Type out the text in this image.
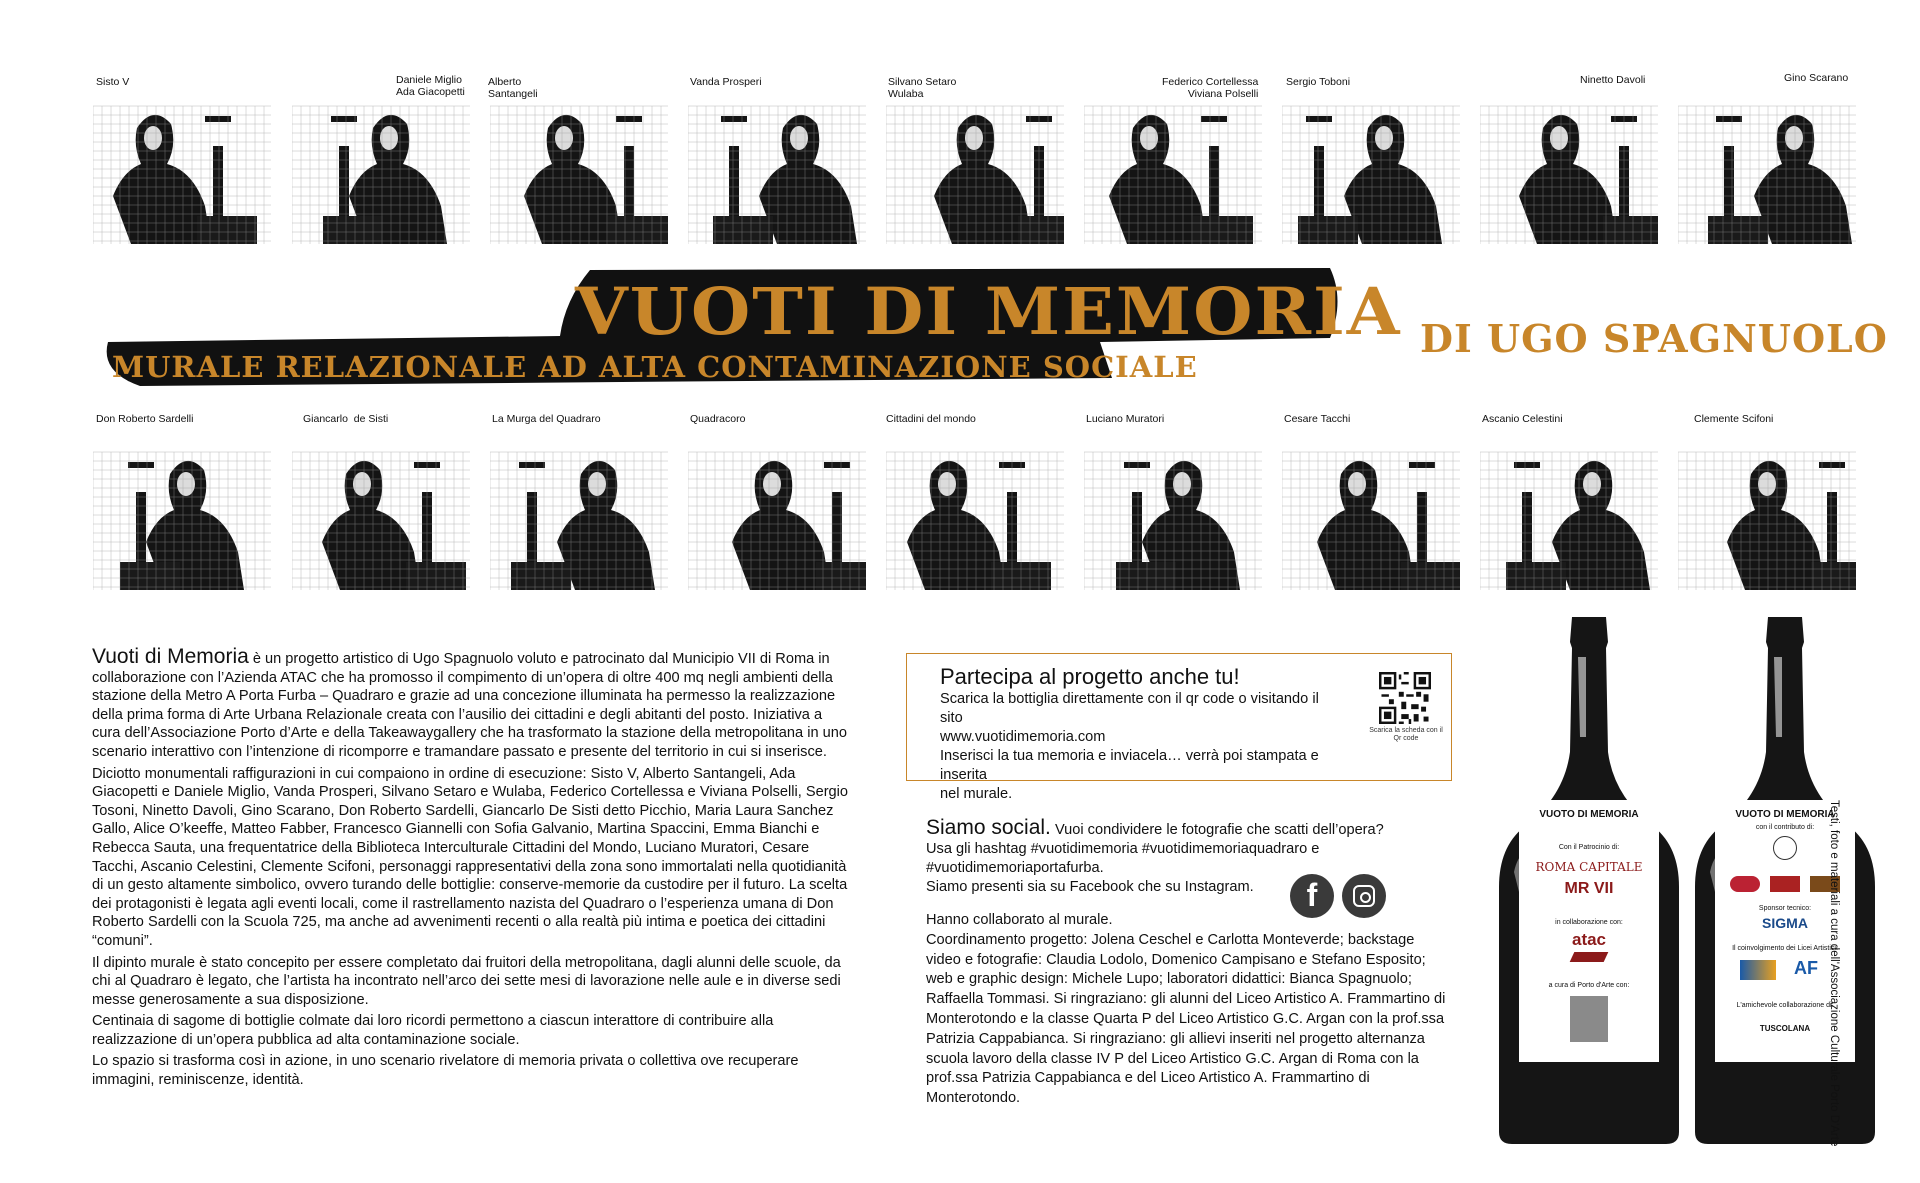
Sisto V	Daniele Miglio
Ada Giacopetti
Alberto
Santangeli
Vanda Prosperi	Silvano Setaro
Wulaba
Federico Cortellessa
Viviana Polselli
Sergio Toboni	Ninetto Davoli	Gino Scarano
VUOTI DI MEMORIA
MURALE RELAZIONALE AD ALTA CONTAMINAZIONE SOCIALE
DI UGO SPAGNUOLO
Don Roberto Sardelli	Giancarlo  de Sisti	La Murga del Quadraro	Quadracoro	Cittadini del mondo	Luciano Muratori	Cesare Tacchi	Ascanio Celestini	Clemente Scifoni

Vuoti di Memoria è un progetto artistico di Ugo Spagnuolo voluto e patrocinato dal Municipio VII di Roma in collaborazione con l’Azienda ATAC che ha promosso il compimento di un’opera di oltre 400 mq negli ambienti della stazione della Metro A Porta Furba – Quadraro e grazie ad una concezione illuminata ha permesso la realizzazione della prima forma di Arte Urbana Relazionale creata con l’ausilio dei cittadini e degli abitanti del posto. Iniziativa a cura dell’Associazione Porto d’Arte e della Takeawaygallery che ha trasformato la stazione della metropolitana in uno scenario interattivo con l’intenzione di ricomporre e tramandare passato e presente del territorio in cui si inserisce.

Diciotto monumentali raffigurazioni in cui compaiono in ordine di esecuzione: Sisto V, Alberto Santangeli, Ada Giacopetti e Daniele Miglio, Vanda Prosperi, Silvano Setaro e Wulaba, Federico Cortellessa e Viviana Polselli, Sergio Tosoni, Ninetto Davoli, Gino Scarano, Don Roberto Sardelli, Giancarlo De Sisti detto Picchio, Maria Laura Sanchez Gallo, Alice O’keeffe, Matteo Fabber, Francesco Giannelli con Sofia Galvanio, Martina Spaccini, Emma Bianchi e Rebecca Sauta, una frequentatrice della Biblioteca Interculturale Cittadini del Mondo, Luciano Muratori, Cesare Tacchi, Ascanio Celestini, Clemente Scifoni, personaggi rappresentativi della zona sono immortalati nella quotidianità di un gesto altamente simbolico, ovvero turando delle bottiglie: conserve-memorie da custodire per il futuro. La scelta dei protagonisti è legata agli eventi locali, come il rastrellamento nazista del Quadraro o l’esperienza umana di Don Roberto Sardelli con la Scuola 725, ma anche ad avvenimenti recenti o alla realtà più intima e poetica dei cittadini “comuni”.

Il dipinto murale è stato concepito per essere completato dai fruitori della metropolitana, dagli alunni delle scuole, da chi al Quadraro è legato, che l’artista ha incontrato nell’arco dei sette mesi di lavorazione nelle aule e in diverse sedi messe generosamente a sua disposizione.

Centinaia di sagome di bottiglie colmate dai loro ricordi permettono a ciascun interattore di contribuire alla realizzazione di un’opera pubblica ad alta contaminazione sociale.

Lo spazio si trasforma così in azione, in uno scenario rivelatore di memoria privata o collettiva ove recuperare immagini, reminiscenze, identità.

Partecipa al progetto anche tu!
Scarica la bottiglia direttamente con il qr code o visitando il sito
www.vuotidimemoria.com
Inserisci la tua memoria e inviacela… verrà poi stampata e inserita
nel murale.
Scarica la scheda con il Qr code
Siamo social. Vuoi condividere le fotografie che scatti dell’opera?
Usa gli hashtag #vuotidimemoria #vuotidimemoriaquadraro e
#vuotidimemoriaportafurba.
Siamo presenti sia su Facebook che su Instagram.	f
Hanno collaborato al murale.
Coordinamento progetto: Jolena Ceschel e Carlotta Monteverde; backstage video e fotografie: Claudia Lodolo, Domenico Campisano e Stefano Esposito; web e graphic design: Michele Lupo; laboratori didattici: Bianca Spagnuolo; Raffaella Tommasi. Si ringraziano: gli alunni del Liceo Artistico A. Frammartino di Monterotondo e la classe Quarta P del Liceo Artistico G.C. Argan con la prof.ssa Patrizia Cappabianca. Si ringraziano: gli allievi inseriti nel progetto alternanza scuola lavoro della classe IV P del Liceo Artistico G.C. Argan di Roma con la prof.ssa Patrizia Cappabianca e del Liceo Artistico A. Frammartino di Monterotondo.
VUOTO DI MEMORIA
Con il Patrocinio di:
ROMA CAPITALE
MR VII
in collaborazione con:
atac
a cura di Porto d'Arte con:
VUOTO DI MEMORIA
con il contributo di:
Sponsor tecnico:
SIGMA
Il coinvolgimento dei Licei Artistici:
AF
L'amichevole collaborazione di:
TUSCOLANA	Testi, foto e materiali a cura dell'Associazione Culturale Porto D'Arte
